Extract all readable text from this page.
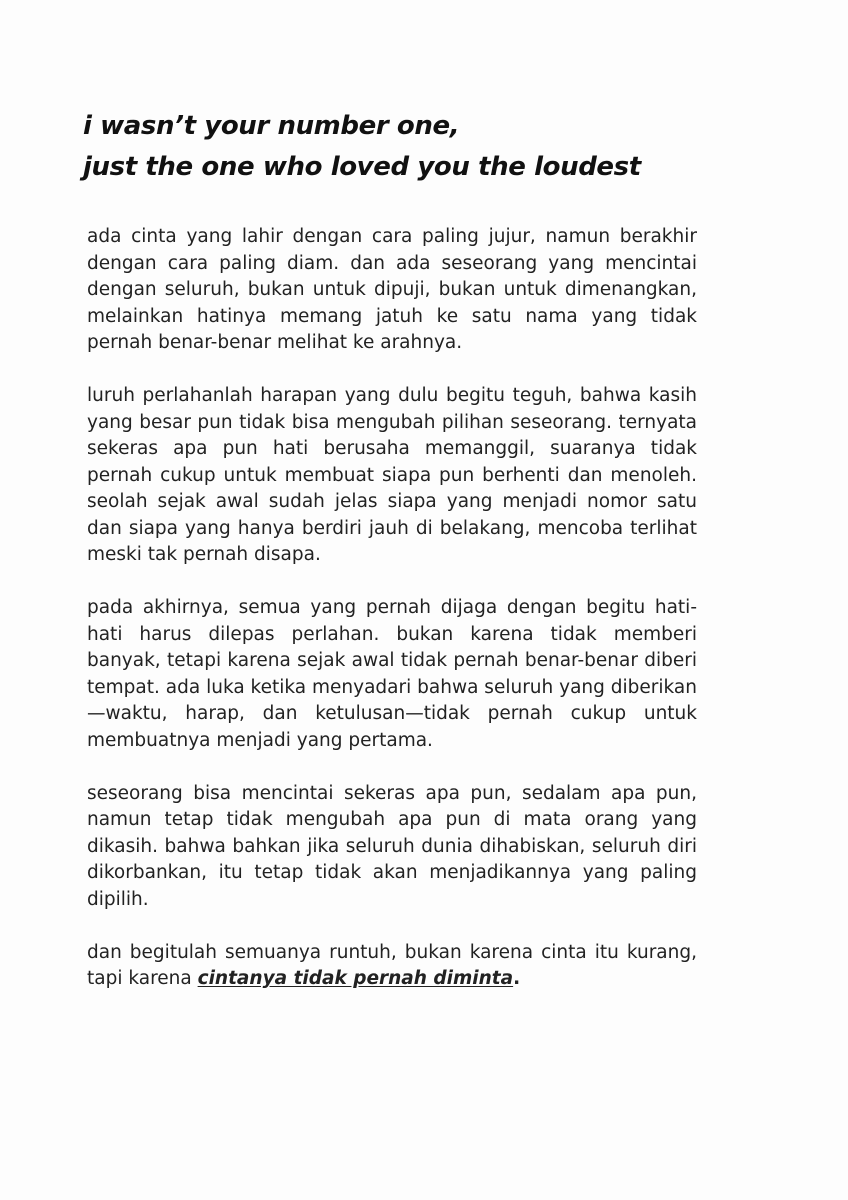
i wasn’t your number one,
just the one who loved you the loudest

ada cinta yang lahir dengan cara paling jujur, namun berakhir dengan cara paling diam. dan ada seseorang yang mencintai dengan seluruh, bukan untuk dipuji, bukan untuk dimenangkan, melainkan hatinya memang jatuh ke satu nama yang tidak pernah benar-benar melihat ke arahnya.

luruh perlahanlah harapan yang dulu begitu teguh, bahwa kasih yang besar pun tidak bisa mengubah pilihan seseorang. ternyata sekeras apa pun hati berusaha memanggil, suaranya tidak pernah cukup untuk membuat siapa pun berhenti dan menoleh. seolah sejak awal sudah jelas siapa yang menjadi nomor satu dan siapa yang hanya berdiri jauh di belakang, mencoba terlihat meski tak pernah disapa.

pada akhirnya, semua yang pernah dijaga dengan begitu hati-hati harus dilepas perlahan. bukan karena tidak memberi banyak, tetapi karena sejak awal tidak pernah benar-benar diberi tempat. ada luka ketika menyadari bahwa seluruh yang diberikan—waktu, harap, dan ketulusan—tidak pernah cukup untuk membuatnya menjadi yang pertama.

seseorang bisa mencintai sekeras apa pun, sedalam apa pun, namun tetap tidak mengubah apa pun di mata orang yang dikasih. bahwa bahkan jika seluruh dunia dihabiskan, seluruh diri dikorbankan, itu tetap tidak akan menjadikannya yang paling dipilih.

dan begitulah semuanya runtuh, bukan karena cinta itu kurang, tapi karena cintanya tidak pernah diminta.
